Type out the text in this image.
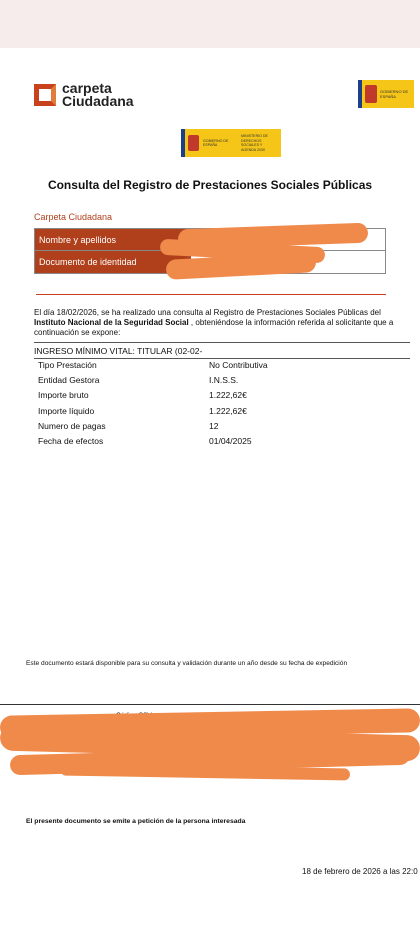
carpeta
Ciudadana
GOBIERNO DE ESPAÑA
GOBIERNO DE ESPAÑA
MINISTERIO DE DERECHOS SOCIALES Y AGENDA 2030
Consulta del Registro de Prestaciones Sociales Públicas
Carpeta Ciudadana
Nombre y apellidos
Documento de identidad
El día 18/02/2026, se ha realizado una consulta al Registro de Prestaciones Sociales Públicas del Instituto Nacional de la Seguridad Social , obteniéndose la información referida al solicitante que a continuación se expone:
INGRESO MÍNIMO VITAL: TITULAR (02-02-
Tipo Prestación	No Contributiva
Entidad Gestora	I.N.S.S.
Importe bruto	1.222,62€
Importe líquido	1.222,62€
Numero de pagas	12
Fecha de efectos	01/04/2025
Este documento estará disponible para su consulta y validación durante un año desde su fecha de expedición
El presente documento se emite a petición de la persona interesada
18 de febrero de 2026 a las 22:0
